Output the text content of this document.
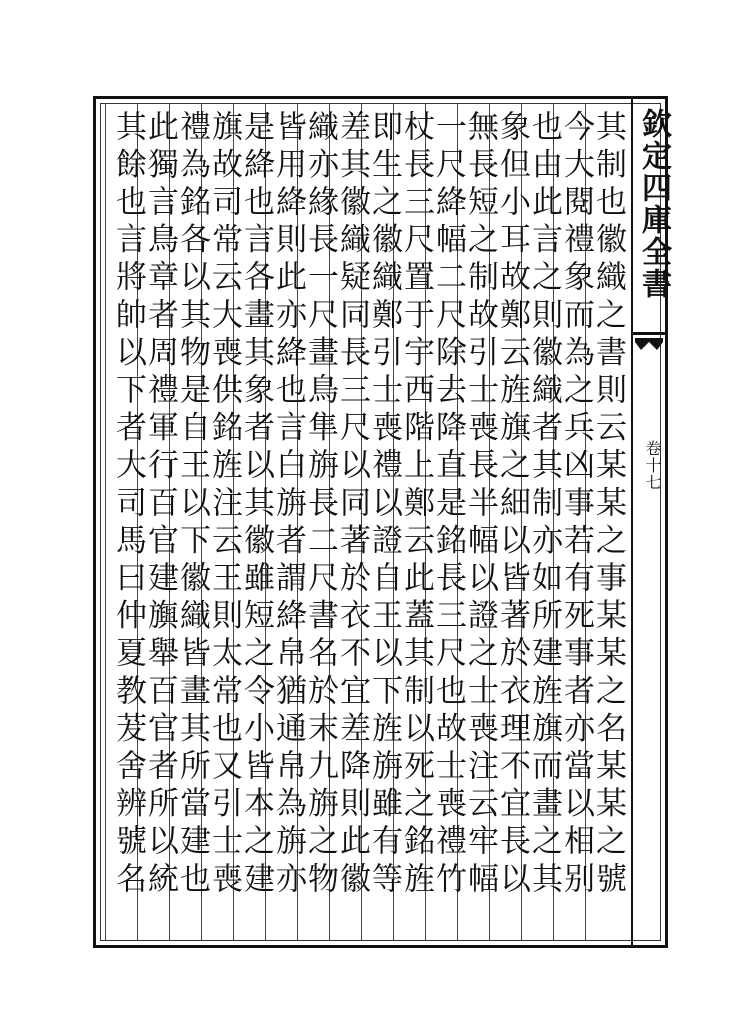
欽定四庫全書
卷十七
其制也徽織之書則云某某之事某某之名某某之號
今大閱禮象而為之兵凶事若有死事者亦當以相别
也由此言之則徽織者其制亦如所建旌旗而畫之其
象但小耳故鄭云旌旗之細以皆著於衣理不宜長以
無長短之制故引士喪長半幅以證之士喪注云牢幅
一尺絳幅二尺除去降直是銘長三尺也故士喪禮竹
杖長三尺置于宇西階上鄭云此蓋其制以死之銘旌
即生之徽織鄭引士喪禮以證自王以下旌旃雖有等
差其徽織疑同長三尺以同著於衣不宜差降則此徽
織亦緣長一尺畫鳥隼旃長二尺書名於末九旃之物
皆用絳則此亦絳也言白旃者謂絳帛猶通帛為旃亦
是絳也言各畫其象者以其徽雖短之令小皆本之建
旗故司常云大喪供銘旌注云王則太常也又引士喪
禮為銘各以其物是自王以下徽織皆畫其所當建也
此獨言鳥章者周禮軍行百官建旟舉百官者所以統
其餘也言將帥以下者大司馬曰仲夏教茇舍辨號名
